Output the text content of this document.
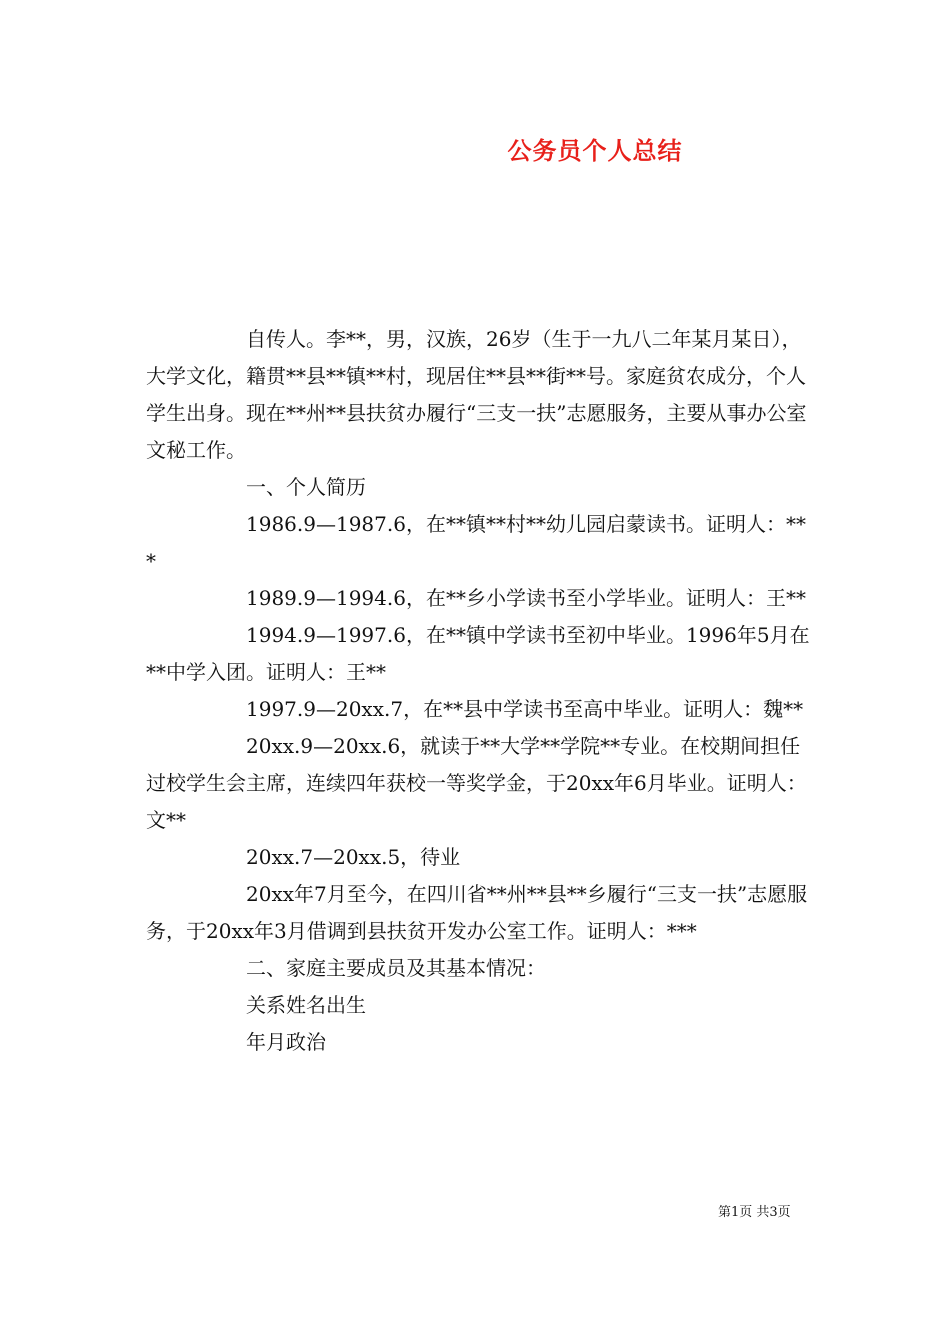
公务员个人总结

自传人。李**，男，汉族，26岁（生于一九八二年某月某日），大学文化，籍贯**县**镇**村，现居住**县**街**号。家庭贫农成分，个人学生出身。现在**州**县扶贫办履行“三支一扶”志愿服务，主要从事办公室文秘工作。

一、个人简历

1986.9—1987.6，在**镇**村**幼儿园启蒙读书。证明人：***

1989.9—1994.6，在**乡小学读书至小学毕业。证明人：王**

1994.9—1997.6，在**镇中学读书至初中毕业。1996年5月在**中学入团。证明人：王**

1997.9—20xx.7，在**县中学读书至高中毕业。证明人：魏**

20xx.9—20xx.6，就读于**大学**学院**专业。在校期间担任过校学生会主席，连续四年获校一等奖学金，于20xx年6月毕业。证明人：文**

20xx.7—20xx.5，待业

20xx年7月至今，在四川省**州**县**乡履行“三支一扶”志愿服务，于20xx年3月借调到县扶贫开发办公室工作。证明人：***

二、家庭主要成员及其基本情况：

关系姓名出生

年月政治

第1页 共3页
